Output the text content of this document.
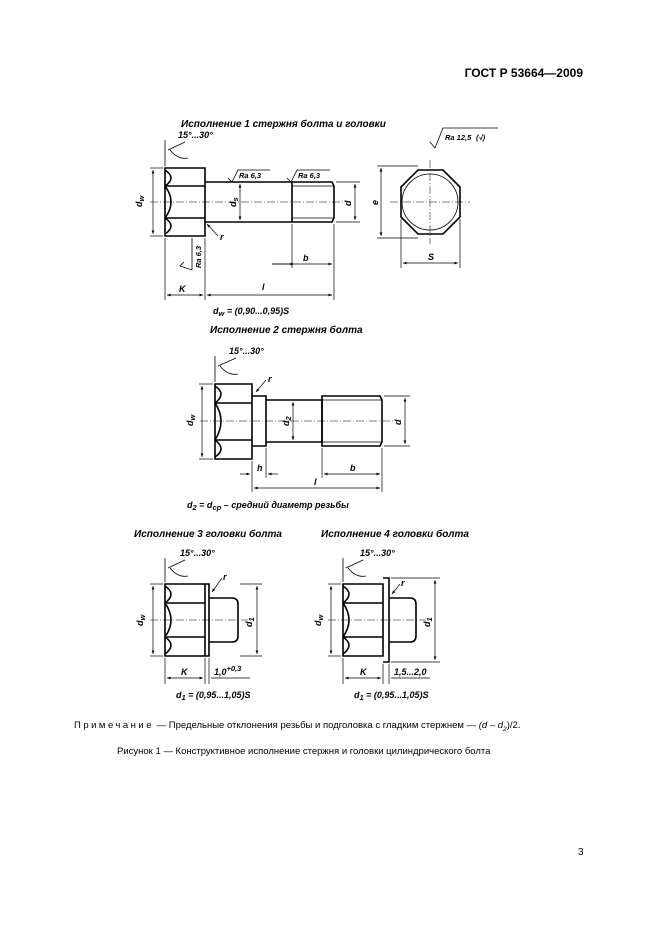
ГОСТ Р 53664—2009
Исполнение 1 стержня болта и головки
15°...30°
$d_w$
$d_s$
d
Ra 6,3	Ra 6,3
r
Ra 6,3	b
K	l
Ra 12,5 (√)
e
S
$d_w = (0,90...0,95)S$
Исполнение 2 стержня болта
15°...30°
$d_w$
$d_2$
d
r
h	b
l
$d_2 = d_{ср}$ – средний диаметр резьбы
Исполнение 3 головки болта
15°...30°
$d_w$
$d_1$
r
K	$1,0^{+0,3}$
$d_1 = (0,95...1,05)S$
Исполнение 4 головки болта
15°...30°
$d_w$
$d_1$
r
K	1,5...2,0
$d_1 = (0,95...1,05)S$
Примечание — Предельные отклонения резьбы и подголовка с гладким стержнем — $(d - d_2)/2$.
Рисунок 1 — Конструктивное исполнение стержня и головки цилиндрического болта
3
